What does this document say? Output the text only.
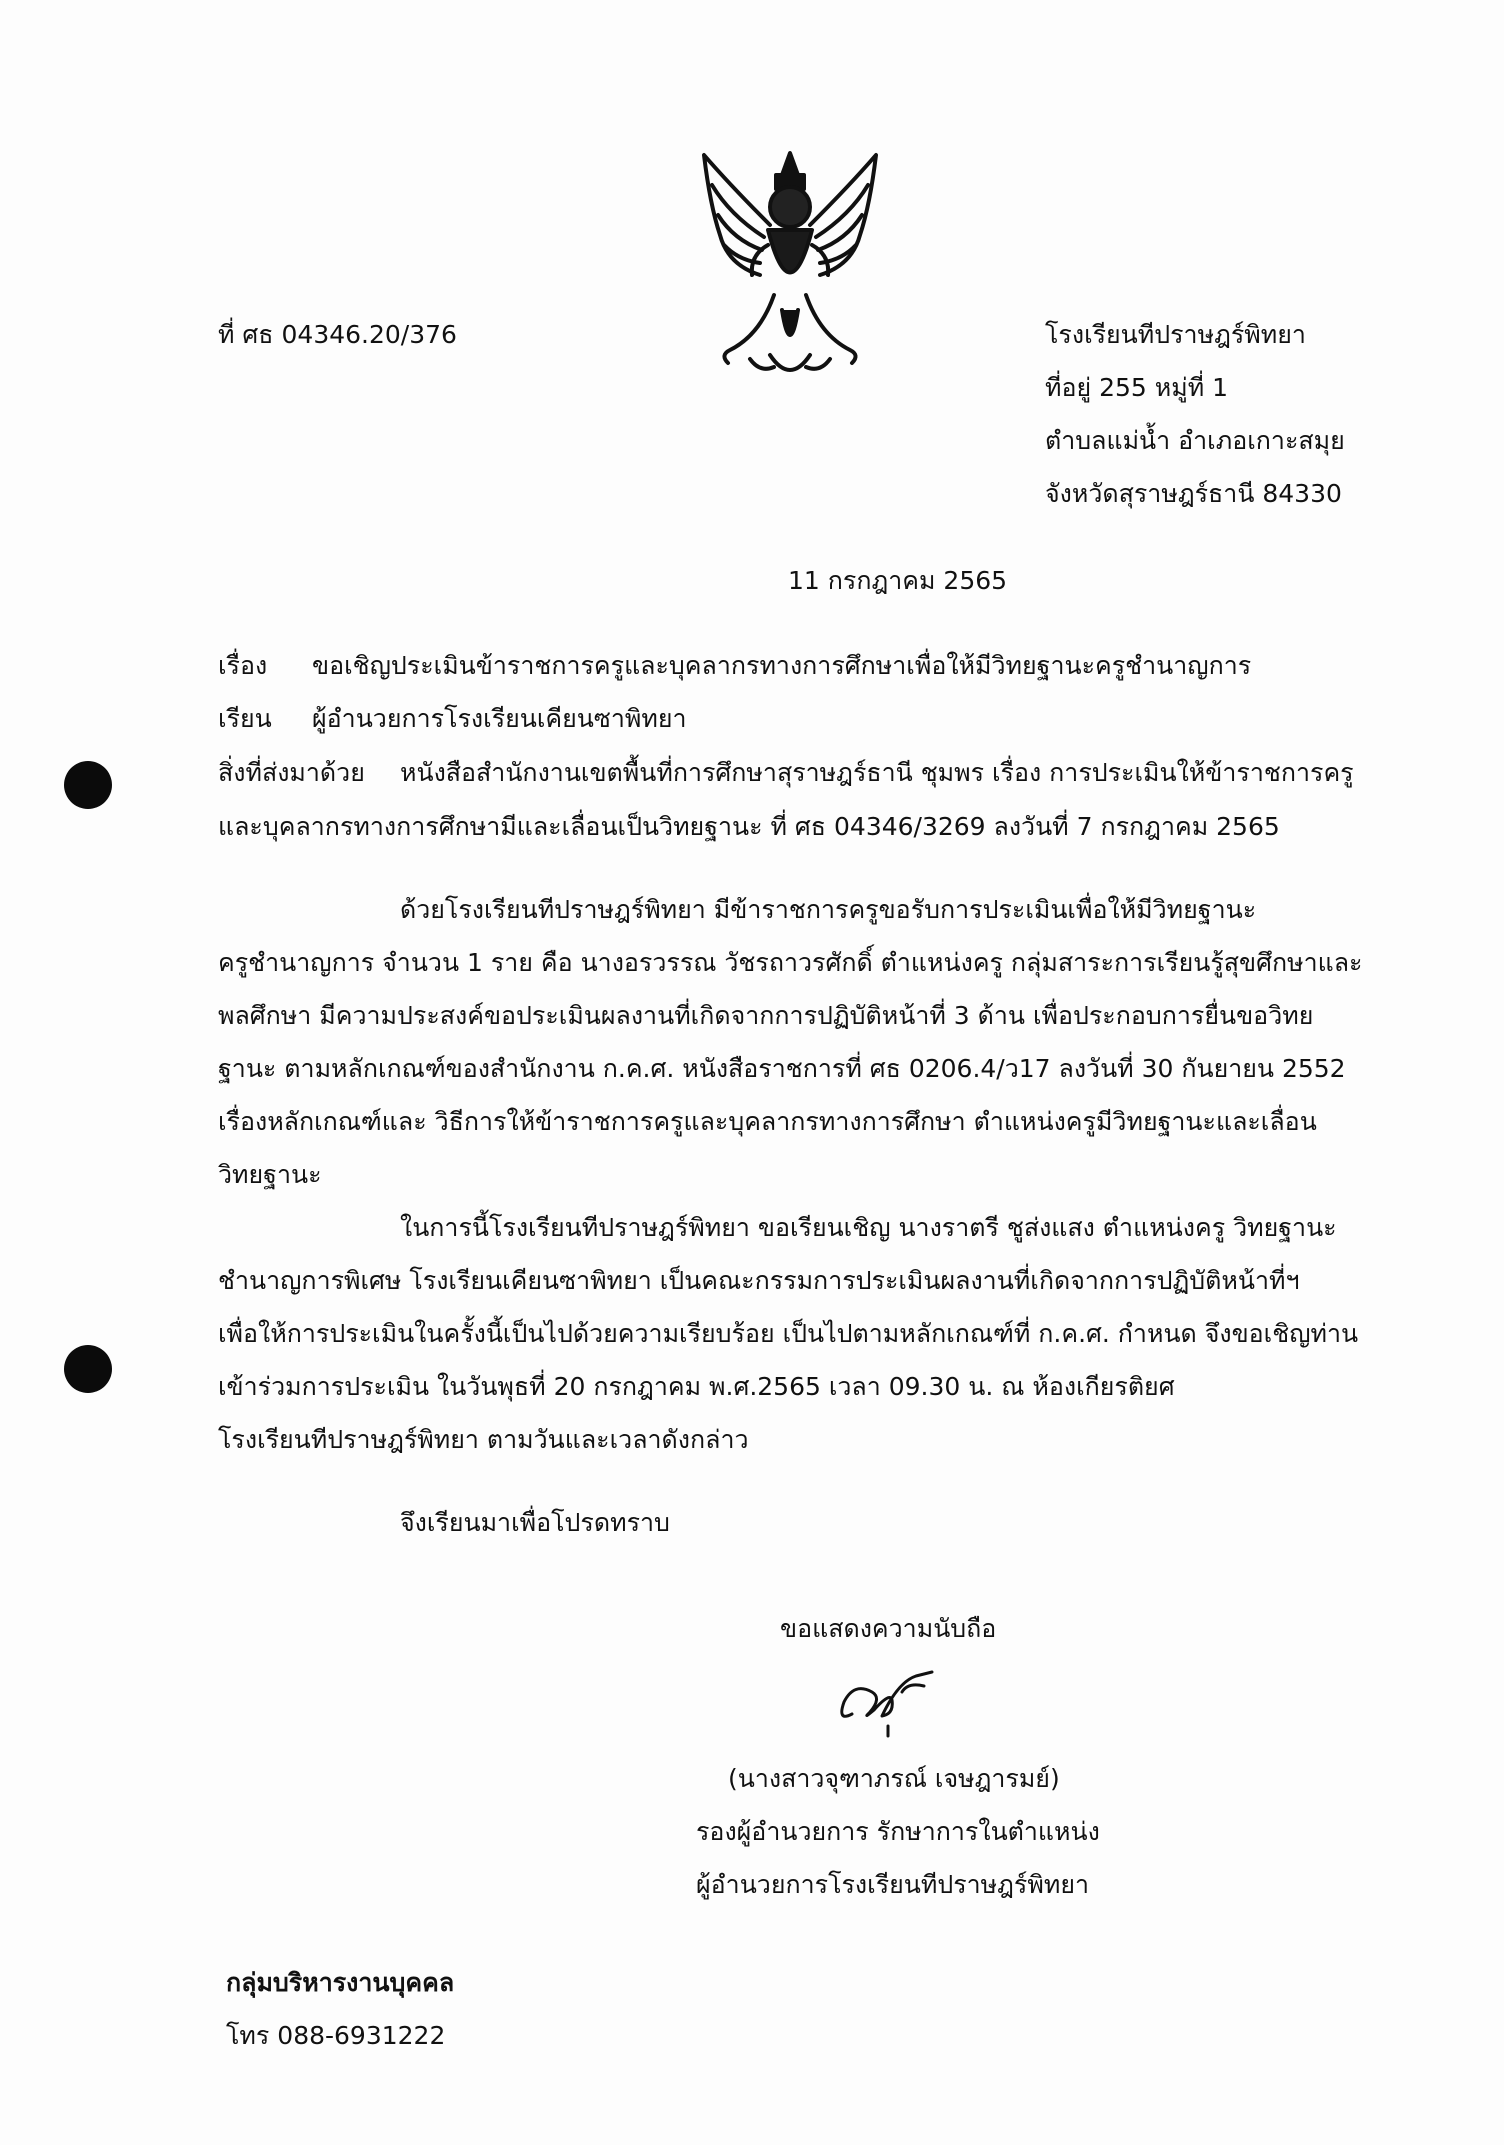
ที่ ศธ 04346.20/376	โรงเรียนทีปราษฎร์พิทยา
ที่อยู่ 255 หมู่ที่ 1
ตำบลแม่น้ำ อำเภอเกาะสมุย
จังหวัดสุราษฎร์ธานี 84330
11 กรกฎาคม 2565
เรื่อง ขอเชิญประเมินข้าราชการครูและบุคลากรทางการศึกษาเพื่อให้มีวิทยฐานะครูชำนาญการ
เรียน ผู้อำนวยการโรงเรียนเคียนซาพิทยา
สิ่งที่ส่งมาด้วย หนังสือสำนักงานเขตพื้นที่การศึกษาสุราษฎร์ธานี ชุมพร เรื่อง การประเมินให้ข้าราชการครู
และบุคลากรทางการศึกษามีและเลื่อนเป็นวิทยฐานะ ที่ ศธ 04346/3269 ลงวันที่ 7 กรกฎาคม 2565
ด้วยโรงเรียนทีปราษฎร์พิทยา มีข้าราชการครูขอรับการประเมินเพื่อให้มีวิทยฐานะ
ครูชำนาญการ จำนวน 1 ราย คือ นางอรวรรณ วัชรถาวรศักดิ์ ตำแหน่งครู กลุ่มสาระการเรียนรู้สุขศึกษาและ
พลศึกษา มีความประสงค์ขอประเมินผลงานที่เกิดจากการปฏิบัติหน้าที่ 3 ด้าน เพื่อประกอบการยื่นขอวิทย
ฐานะ ตามหลักเกณฑ์ของสำนักงาน ก.ค.ศ. หนังสือราชการที่ ศธ 0206.4/ว17 ลงวันที่ 30 กันยายน 2552
เรื่องหลักเกณฑ์และ วิธีการให้ข้าราชการครูและบุคลากรทางการศึกษา ตำแหน่งครูมีวิทยฐานะและเลื่อน
วิทยฐานะ
ในการนี้โรงเรียนทีปราษฎร์พิทยา ขอเรียนเชิญ นางราตรี ชูส่งแสง ตำแหน่งครู วิทยฐานะ
ชำนาญการพิเศษ โรงเรียนเคียนซาพิทยา เป็นคณะกรรมการประเมินผลงานที่เกิดจากการปฏิบัติหน้าที่ฯ
เพื่อให้การประเมินในครั้งนี้เป็นไปด้วยความเรียบร้อย เป็นไปตามหลักเกณฑ์ที่ ก.ค.ศ. กำหนด จึงขอเชิญท่าน
เข้าร่วมการประเมิน ในวันพุธที่ 20 กรกฎาคม พ.ศ.2565 เวลา 09.30 น. ณ ห้องเกียรติยศ
โรงเรียนทีปราษฎร์พิทยา ตามวันและเวลาดังกล่าว
จึงเรียนมาเพื่อโปรดทราบ
ขอแสดงความนับถือ
(นางสาวจุฑาภรณ์ เจษฎารมย์)
รองผู้อำนวยการ รักษาการในตำแหน่ง
ผู้อำนวยการโรงเรียนทีปราษฎร์พิทยา
กลุ่มบริหารงานบุคคล
โทร 088-6931222
